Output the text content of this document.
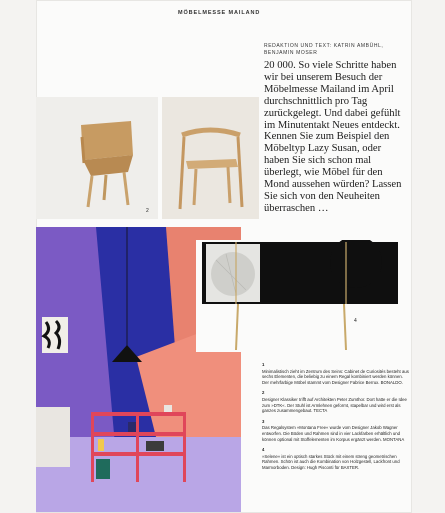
MÖBELMESSE MAILAND
REDAKTION UND TEXT: KATRIN AMBÜHL,
BENJAMIN MOSER

20 000. So viele Schritte haben wir bei unserem Besuch der Möbelmesse Mailand im April durchschnittlich pro Tag zurückgelegt. Und dabei gefühlt im Minutentakt Neues entdeckt. Kennen Sie zum Beispiel den Möbeltyp Lazy Susan, oder haben Sie sich schon mal überlegt, wie Möbel für den Mond aussehen würden? Lassen Sie sich von den Neuheiten überraschen …

2
4
1
Minimalistisch zieht im Zentrum des Seins: Cabinet de Curiosités besteht aus sechs Elementen, die beliebig zu einem Regal kombiniert werden können. Der mehrfarbige Möbel stammt vom Designer Fabrice Berrux. BONALDO.
2
Designer Klassiker trifft auf Architekten Peter Zumthor. Dort hatte er die Idee zum »DTK«. Der Stuhl ist Armlehnen geformt, stapelbar und wird erst als ganzes zusammengebaut. TECTA
3
Das Regalsystem »Montana Free« wurde vom Designer Jakob Wagner entworfen. Die Böden und Rahmen sind in vier Lackfarben erhältlich und können optional mit Stoffelementen im Korpus ergänzt werden. MONTANA
4
»Selene« ist ein optisch starkes Stück mit einem streng geometrischen Rahmen. Schön ist auch die Kombination von Holzgestell, Lackfront und Marmorboden. Design: Hugh Pisconti für BAXTER.
